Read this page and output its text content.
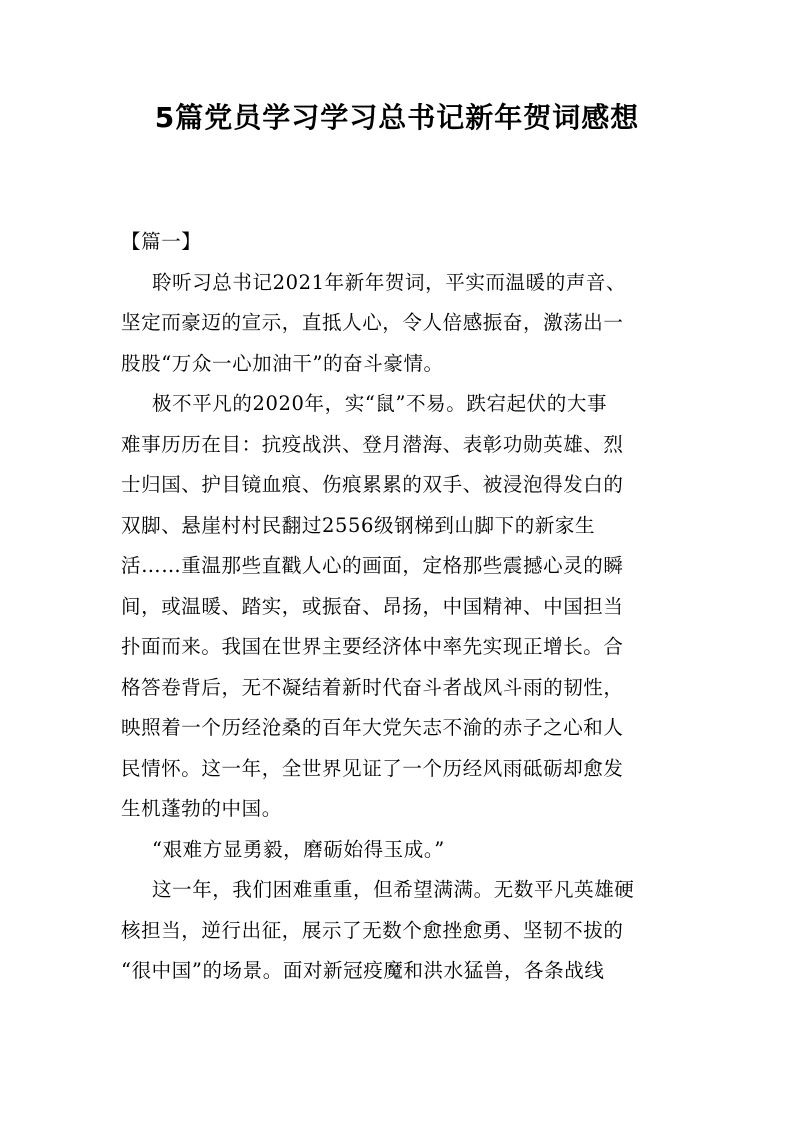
5篇党员学习学习总书记新年贺词感想

【篇一】

聆听习总书记2021年新年贺词，平实而温暖的声音、
坚定而豪迈的宣示，直抵人心，令人倍感振奋，激荡出一
股股“万众一心加油干”的奋斗豪情。

极不平凡的2020年，实“鼠”不易。跌宕起伏的大事
难事历历在目：抗疫战洪、登月潜海、表彰功勋英雄、烈
士归国、护目镜血痕、伤痕累累的双手、被浸泡得发白的
双脚、悬崖村村民翻过2556级钢梯到山脚下的新家生
活……重温那些直戳人心的画面，定格那些震撼心灵的瞬
间，或温暖、踏实，或振奋、昂扬，中国精神、中国担当
扑面而来。我国在世界主要经济体中率先实现正增长。合
格答卷背后，无不凝结着新时代奋斗者战风斗雨的韧性，
映照着一个历经沧桑的百年大党矢志不渝的赤子之心和人
民情怀。这一年，全世界见证了一个历经风雨砥砺却愈发
生机蓬勃的中国。

“艰难方显勇毅，磨砺始得玉成。”

这一年，我们困难重重，但希望满满。无数平凡英雄硬
核担当，逆行出征，展示了无数个愈挫愈勇、坚韧不拔的
“很中国”的场景。面对新冠疫魔和洪水猛兽，各条战线
